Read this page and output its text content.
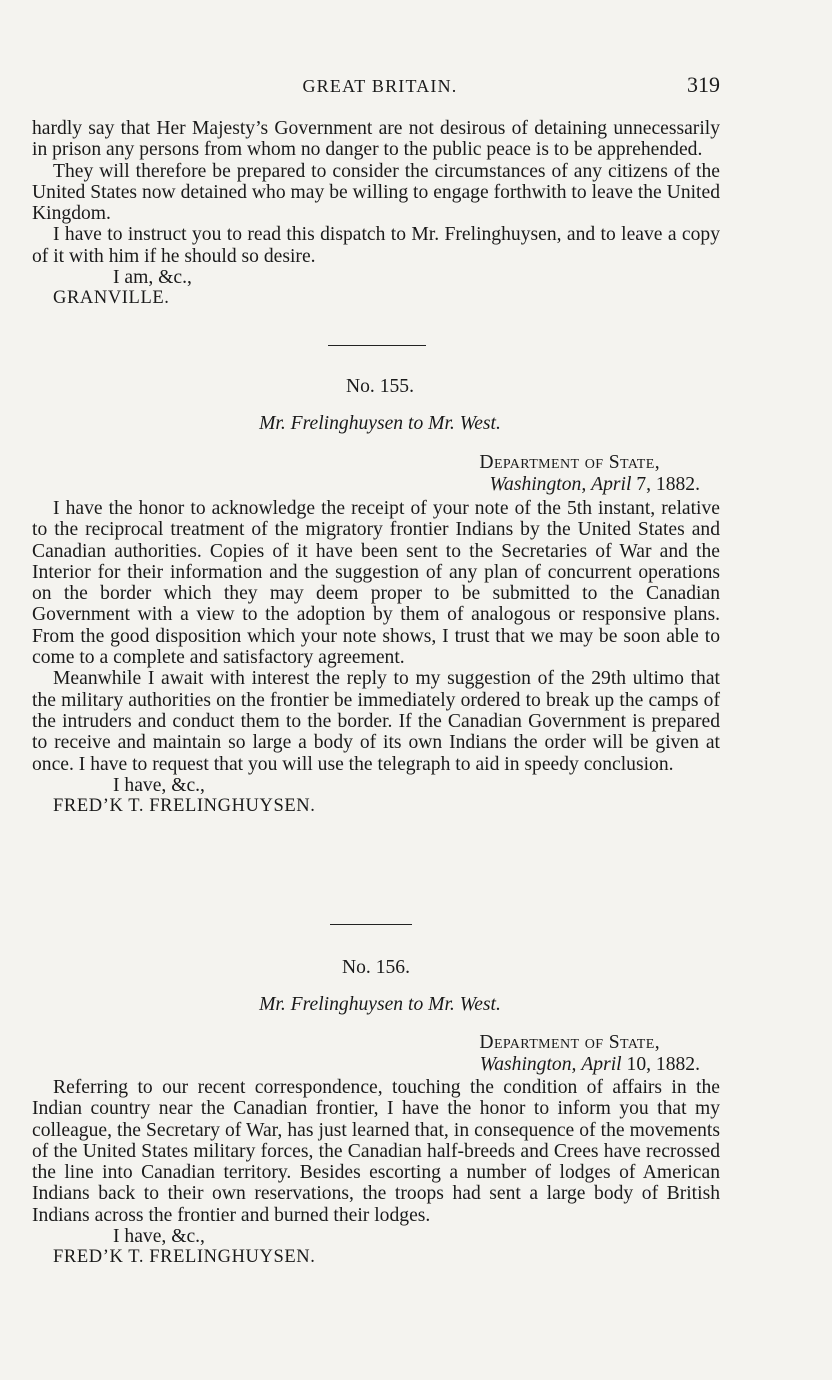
GREAT BRITAIN.	319

hardly say that Her Majesty’s Government are not desirous of detaining unnecessarily in prison any persons from whom no danger to the public peace is to be apprehended.

They will therefore be prepared to consider the circumstances of any citizens of the United States now detained who may be willing to engage forthwith to leave the United Kingdom.

I have to instruct you to read this dispatch to Mr. Frelinghuysen, and to leave a copy of it with him if he should so desire.

I am, &c.,

GRANVILLE.

No. 155.
Mr. Frelinghuysen to Mr. West.
Department of State,
Washington, April 7, 1882.

I have the honor to acknowledge the receipt of your note of the 5th instant, relative to the reciprocal treatment of the migratory frontier Indians by the United States and Canadian authorities. Copies of it have been sent to the Secretaries of War and the Interior for their information and the suggestion of any plan of concurrent operations on the border which they may deem proper to be submitted to the Canadian Government with a view to the adoption by them of analogous or responsive plans. From the good disposition which your note shows, I trust that we may be soon able to come to a complete and satisfactory agreement.

Meanwhile I await with interest the reply to my suggestion of the 29th ultimo that the military authorities on the frontier be immediately ordered to break up the camps of the intruders and conduct them to the border. If the Canadian Government is prepared to receive and maintain so large a body of its own Indians the order will be given at once. I have to request that you will use the telegraph to aid in speedy conclusion.

I have, &c.,

FRED’K T. FRELINGHUYSEN.

No. 156.
Mr. Frelinghuysen to Mr. West.
Department of State,
Washington, April 10, 1882.

Referring to our recent correspondence, touching the condition of affairs in the Indian country near the Canadian frontier, I have the honor to inform you that my colleague, the Secretary of War, has just learned that, in consequence of the movements of the United States military forces, the Canadian half-breeds and Crees have recrossed the line into Canadian territory. Besides escorting a number of lodges of American Indians back to their own reservations, the troops had sent a large body of British Indians across the frontier and burned their lodges.

I have, &c.,

FRED’K T. FRELINGHUYSEN.
